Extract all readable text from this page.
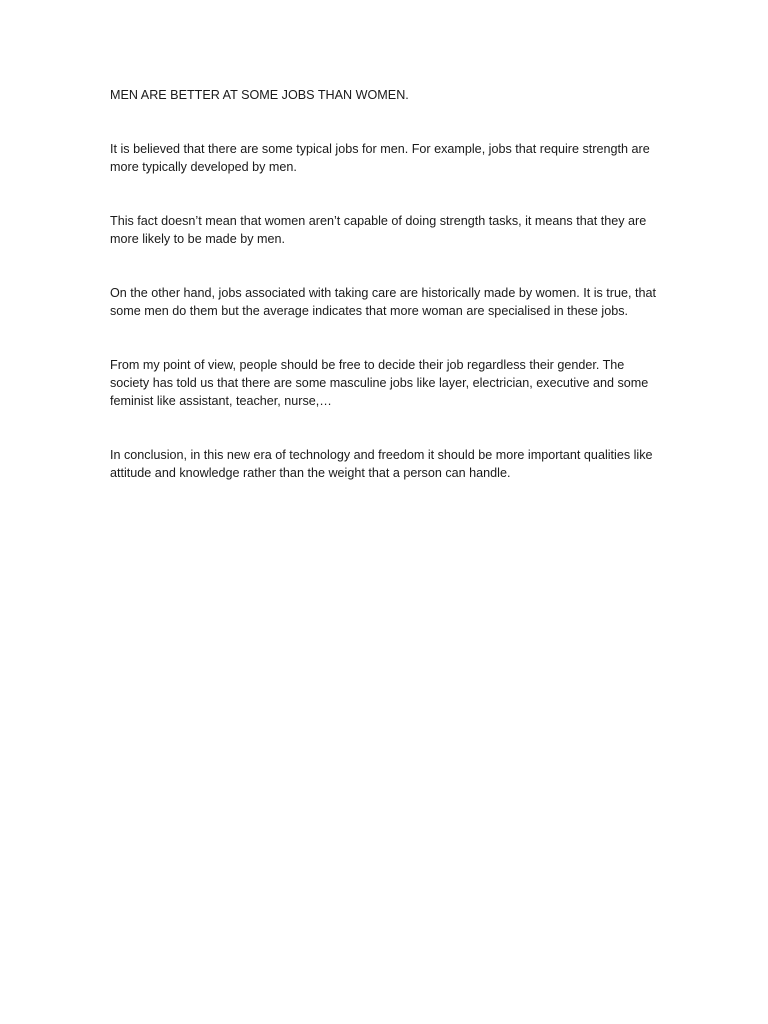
MEN ARE BETTER AT SOME JOBS THAN WOMEN.

It is believed that there are some typical jobs for men. For example, jobs that require strength are more typically developed by men.

This fact doesn’t mean that women aren’t capable of doing strength tasks, it means that they are more likely to be made by men.

On the other hand, jobs associated with taking care are historically made by women. It is true, that some men do them but the average indicates that more woman are specialised in these jobs.

From my point of view, people should be free to decide their job regardless their gender. The society has told us that there are some masculine jobs like layer, electrician, executive and some feminist like assistant, teacher, nurse,…

In conclusion, in this new era of technology and freedom it should be more important qualities like attitude and knowledge rather than the weight that a person can handle.
